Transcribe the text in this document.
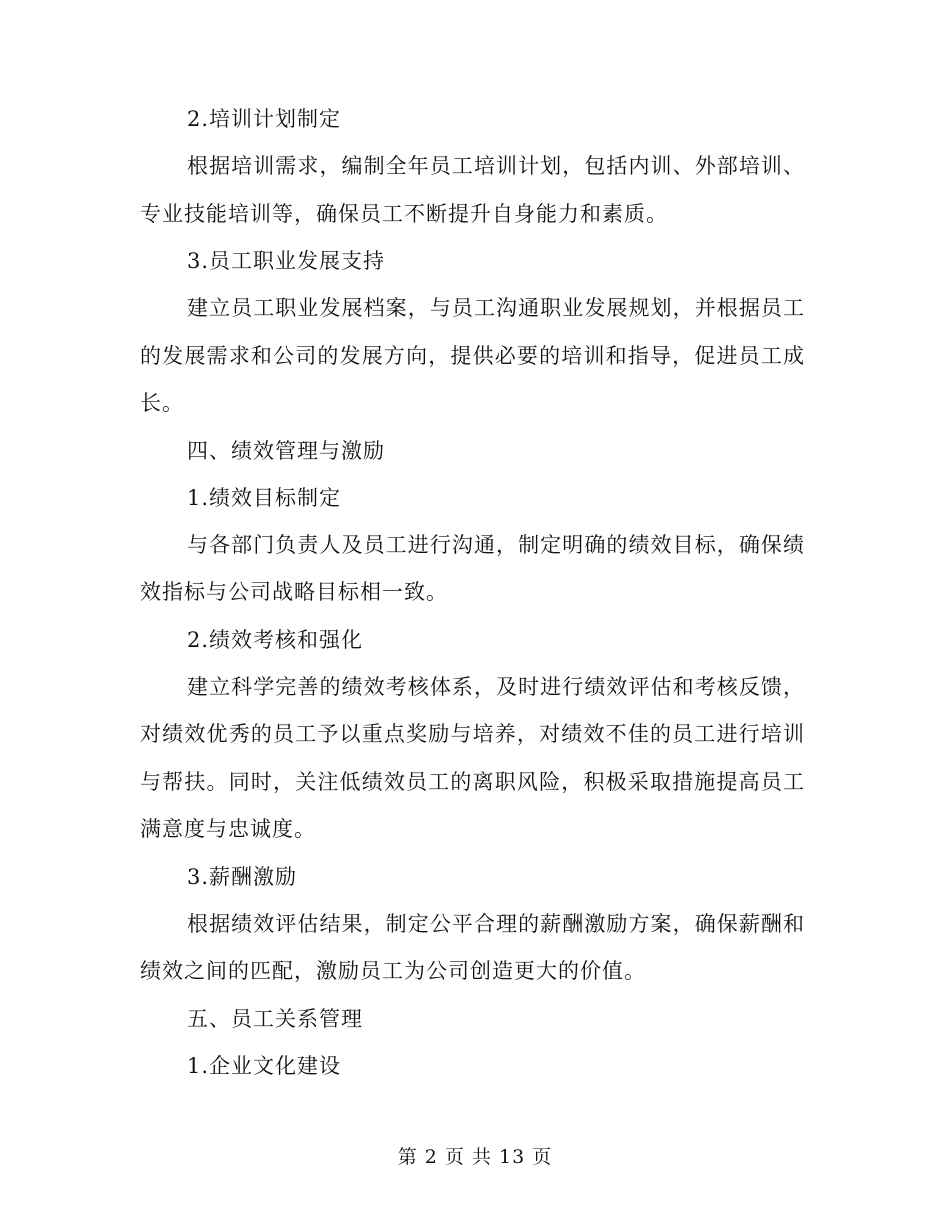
2.培训计划制定

根据培训需求，编制全年员工培训计划，包括内训、外部培训、专业技能培训等，确保员工不断提升自身能力和素质。

3.员工职业发展支持

建立员工职业发展档案，与员工沟通职业发展规划，并根据员工的发展需求和公司的发展方向，提供必要的培训和指导，促进员工成长。

四、绩效管理与激励
1.绩效目标制定

与各部门负责人及员工进行沟通，制定明确的绩效目标，确保绩效指标与公司战略目标相一致。

2.绩效考核和强化

建立科学完善的绩效考核体系，及时进行绩效评估和考核反馈，对绩效优秀的员工予以重点奖励与培养，对绩效不佳的员工进行培训与帮扶。同时，关注低绩效员工的离职风险，积极采取措施提高员工满意度与忠诚度。

3.薪酬激励

根据绩效评估结果，制定公平合理的薪酬激励方案，确保薪酬和绩效之间的匹配，激励员工为公司创造更大的价值。

五、员工关系管理
1.企业文化建设
第 2 页 共 13 页
